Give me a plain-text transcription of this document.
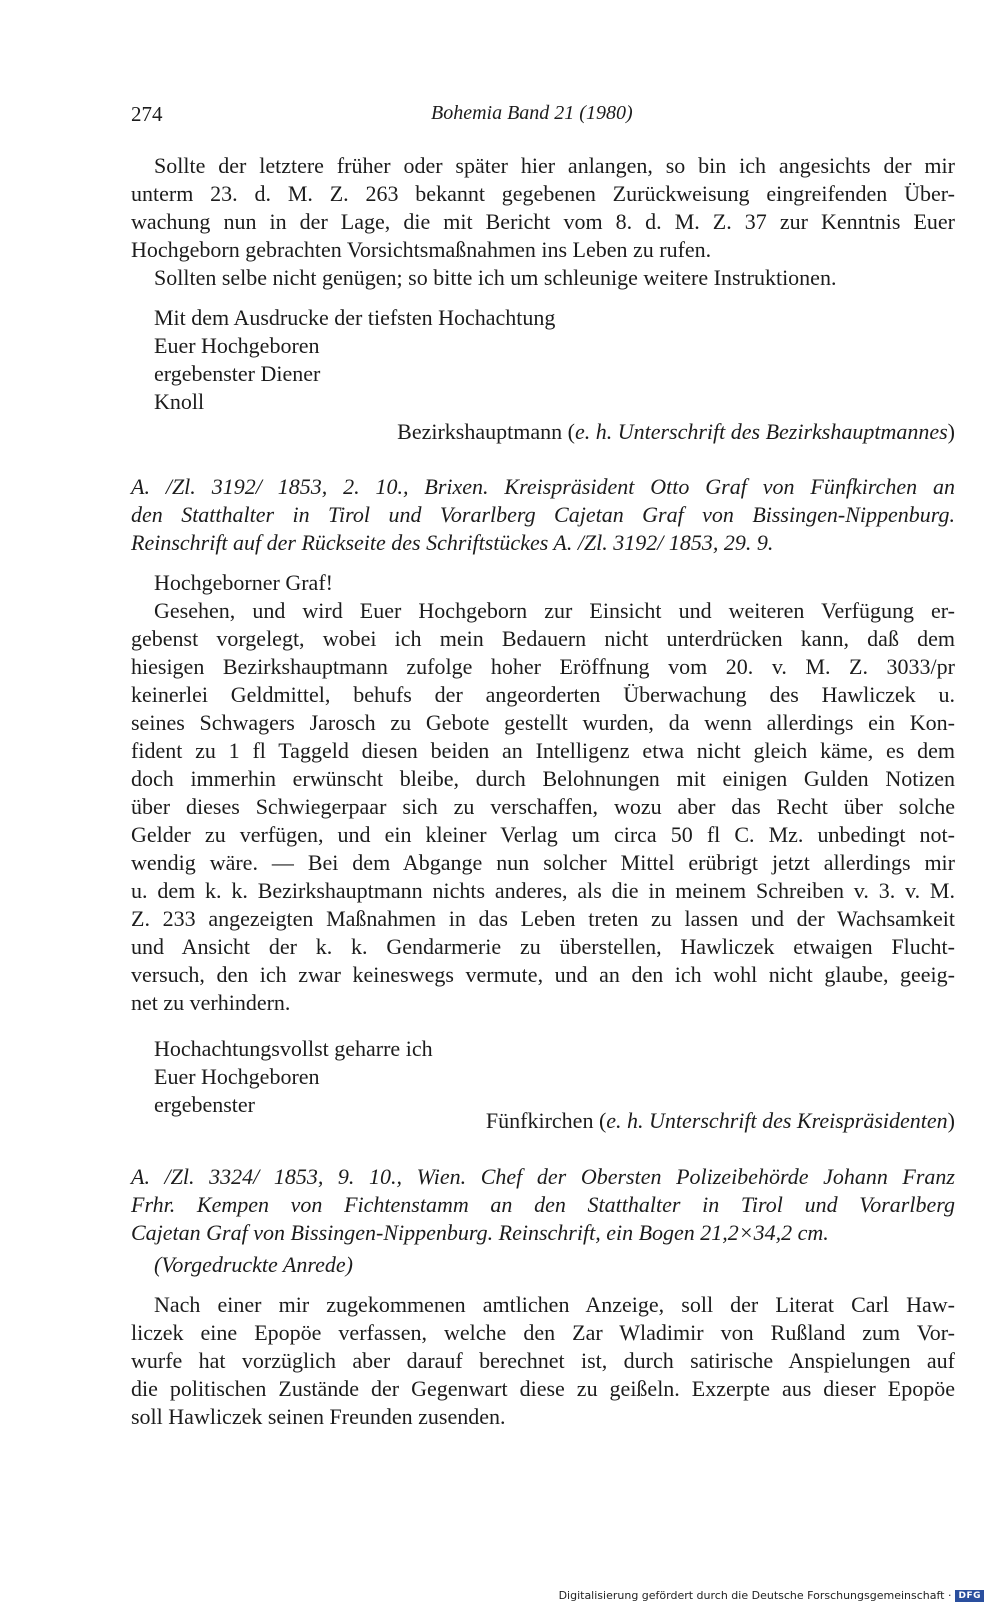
274	Bohemia Band 21 (1980)
Sollte der letztere früher oder später hier anlangen, so bin ich angesichts der mir
unterm 23. d. M. Z. 263 bekannt gegebenen Zurückweisung eingreifenden Über-
wachung nun in der Lage, die mit Bericht vom 8. d. M. Z. 37 zur Kenntnis Euer
Hochgeborn gebrachten Vorsichtsmaßnahmen ins Leben zu rufen.
Sollten selbe nicht genügen; so bitte ich um schleunige weitere Instruktionen.
Mit dem Ausdrucke der tiefsten Hochachtung
Euer Hochgeboren
ergebenster Diener
Knoll
Bezirkshauptmann (e. h. Unterschrift des Bezirkshauptmannes)
A. /Zl. 3192/ 1853, 2. 10., Brixen. Kreispräsident Otto Graf von Fünfkirchen an
den Statthalter in Tirol und Vorarlberg Cajetan Graf von Bissingen-Nippenburg.
Reinschrift auf der Rückseite des Schriftstückes A. /Zl. 3192/ 1853, 29. 9.
Hochgeborner Graf!
Gesehen, und wird Euer Hochgeborn zur Einsicht und weiteren Verfügung er-
gebenst vorgelegt, wobei ich mein Bedauern nicht unterdrücken kann, daß dem
hiesigen Bezirkshauptmann zufolge hoher Eröffnung vom 20. v. M. Z. 3033/pr
keinerlei Geldmittel, behufs der angeorderten Überwachung des Hawliczek u.
seines Schwagers Jarosch zu Gebote gestellt wurden, da wenn allerdings ein Kon-
fident zu 1 fl Taggeld diesen beiden an Intelligenz etwa nicht gleich käme, es dem
doch immerhin erwünscht bleibe, durch Belohnungen mit einigen Gulden Notizen
über dieses Schwiegerpaar sich zu verschaffen, wozu aber das Recht über solche
Gelder zu verfügen, und ein kleiner Verlag um circa 50 fl C. Mz. unbedingt not-
wendig wäre. — Bei dem Abgange nun solcher Mittel erübrigt jetzt allerdings mir
u. dem k. k. Bezirkshauptmann nichts anderes, als die in meinem Schreiben v. 3. v. M.
Z. 233 angezeigten Maßnahmen in das Leben treten zu lassen und der Wachsamkeit
und Ansicht der k. k. Gendarmerie zu überstellen, Hawliczek etwaigen Flucht-
versuch, den ich zwar keineswegs vermute, und an den ich wohl nicht glaube, geeig-
net zu verhindern.
Hochachtungsvollst geharre ich
Euer Hochgeboren
ergebenster
Fünfkirchen (e. h. Unterschrift des Kreispräsidenten)
A. /Zl. 3324/ 1853, 9. 10., Wien. Chef der Obersten Polizeibehörde Johann Franz
Frhr. Kempen von Fichtenstamm an den Statthalter in Tirol und Vorarlberg
Cajetan Graf von Bissingen-Nippenburg. Reinschrift, ein Bogen 21,2×34,2 cm.
(Vorgedruckte Anrede)
Nach einer mir zugekommenen amtlichen Anzeige, soll der Literat Carl Haw-
liczek eine Epopöe verfassen, welche den Zar Wladimir von Rußland zum Vor-
wurfe hat vorzüglich aber darauf berechnet ist, durch satirische Anspielungen auf
die politischen Zustände der Gegenwart diese zu geißeln. Exzerpte aus dieser Epopöe
soll Hawliczek seinen Freunden zusenden.
Digitalisierung gefördert durch die Deutsche Forschungsgemeinschaft · DFG
